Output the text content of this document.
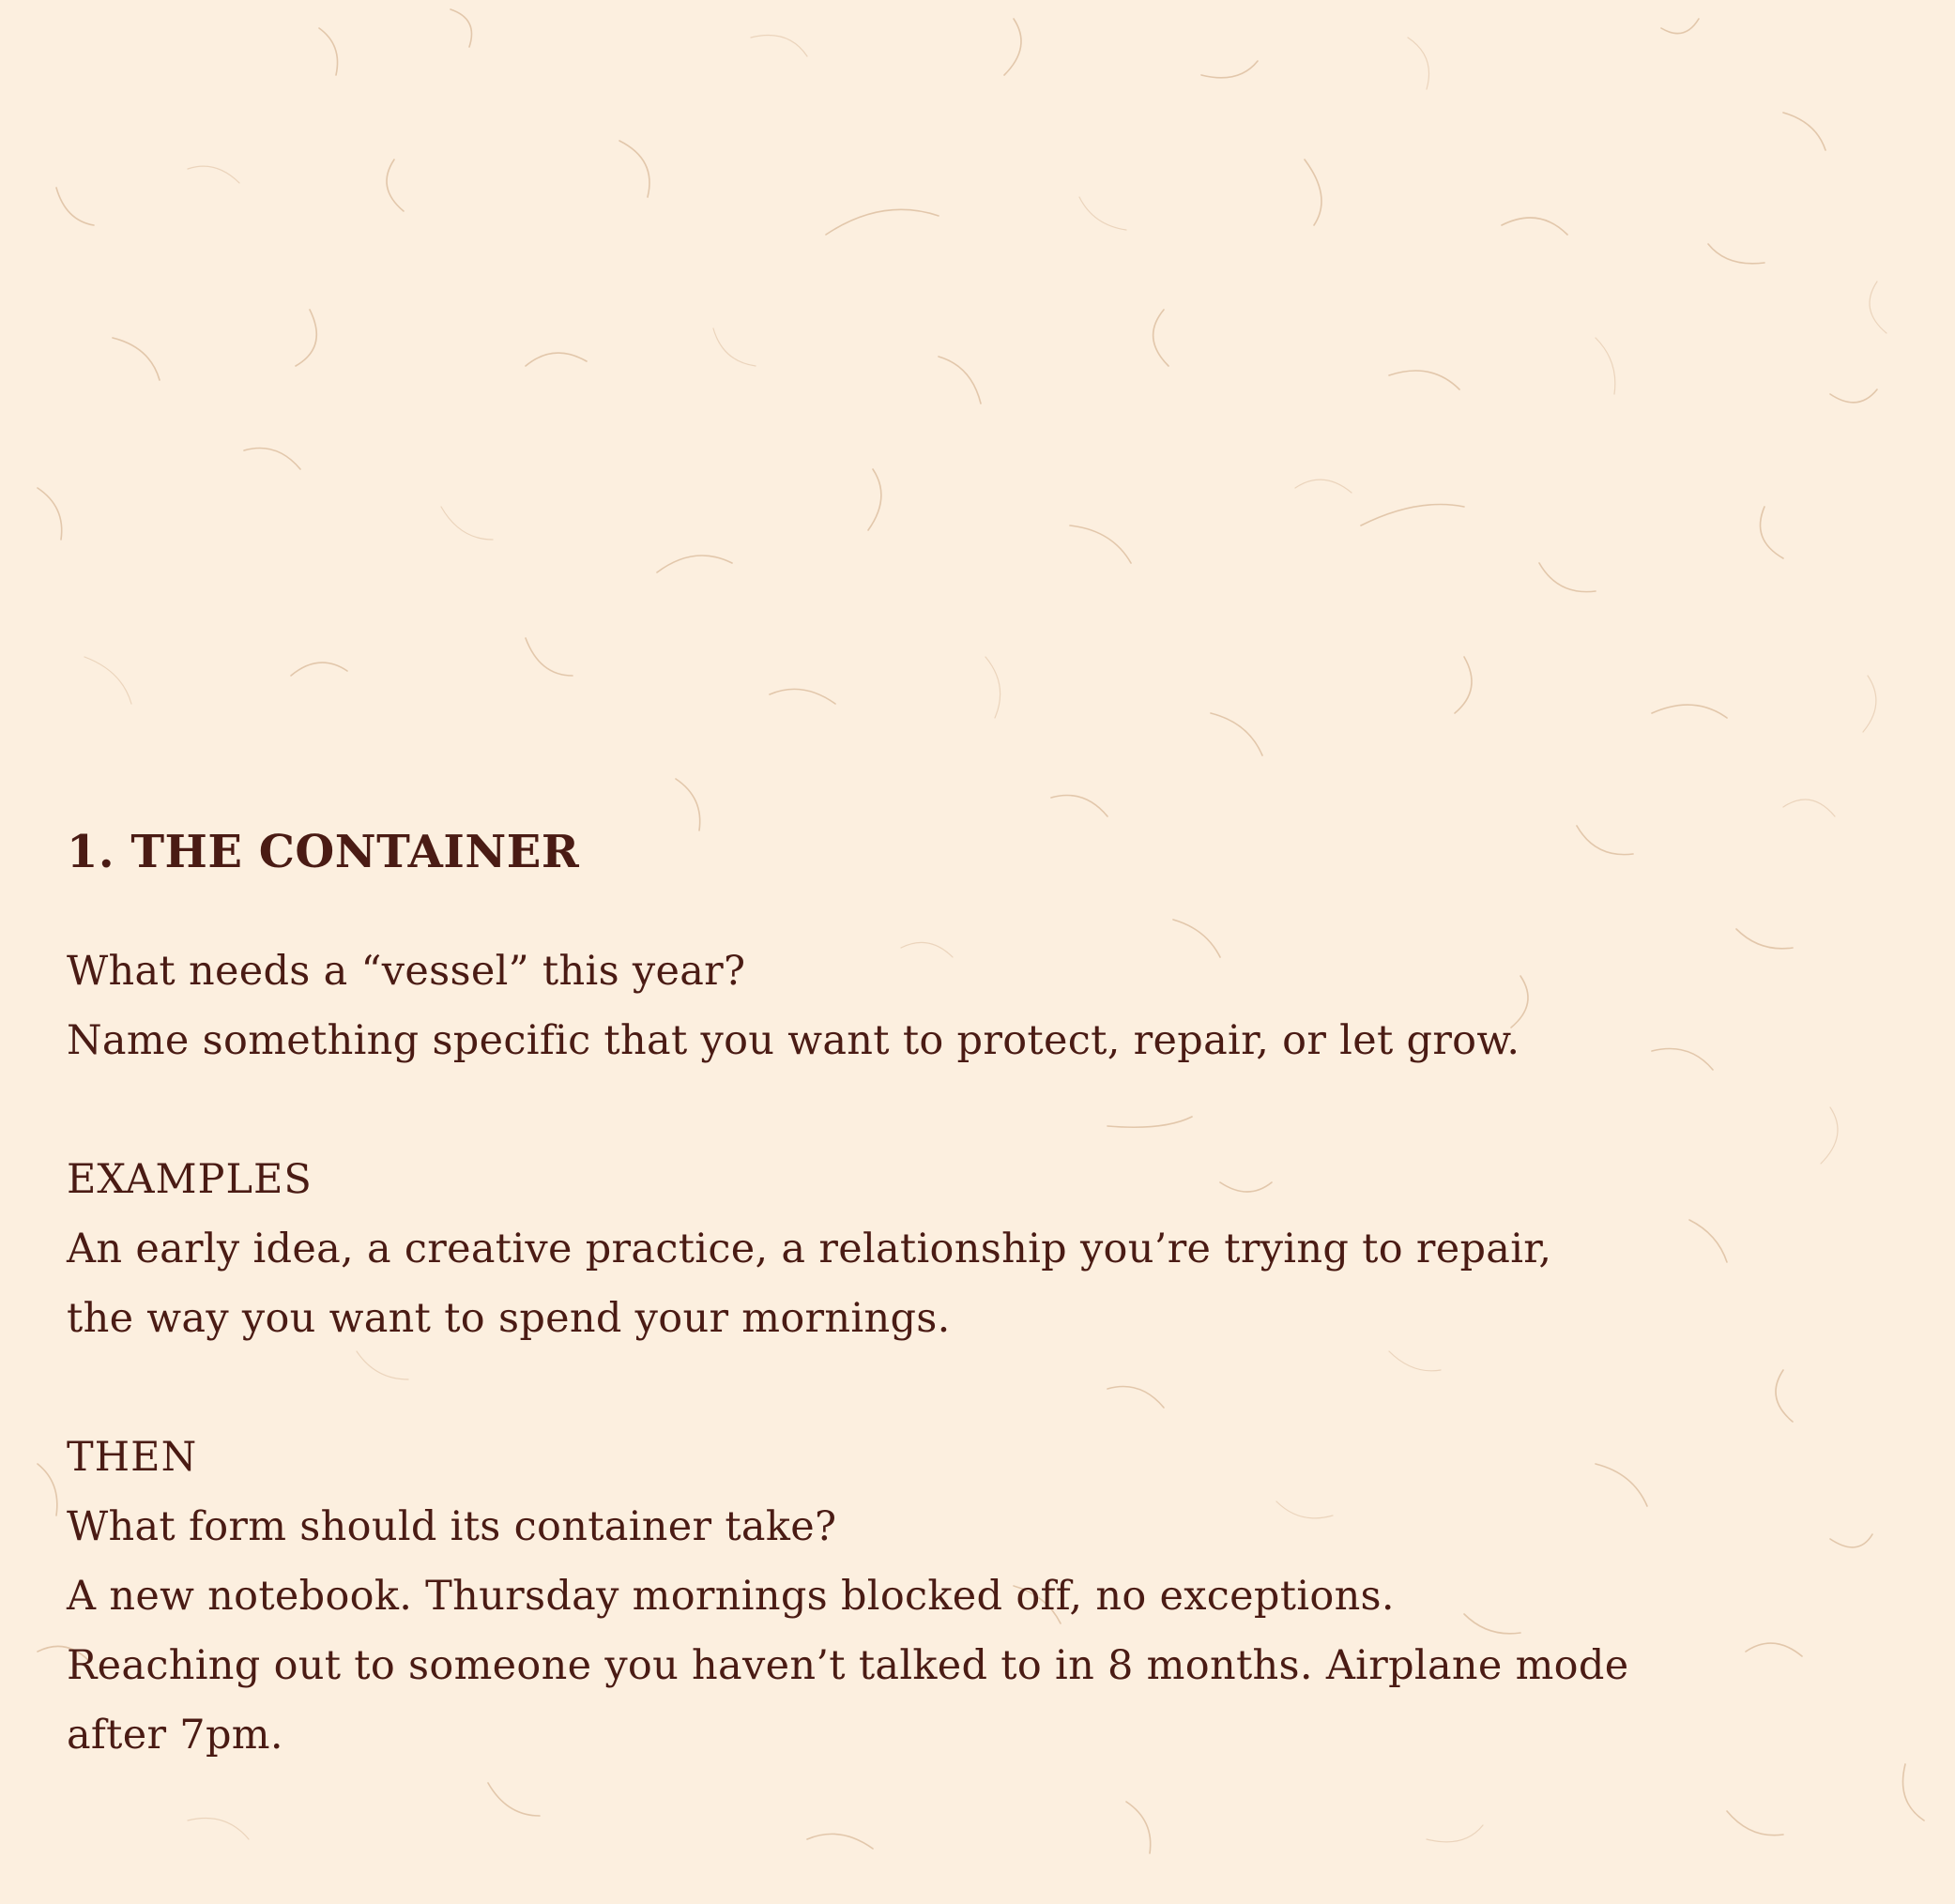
1. THE CONTAINER
What needs a “vessel” this year?
Name something specific that you want to protect, repair, or let grow.
EXAMPLES
An early idea, a creative practice, a relationship you’re trying to repair,
the way you want to spend your mornings.
THEN
What form should its container take?
A new notebook. Thursday mornings blocked off, no exceptions.
Reaching out to someone you haven’t talked to in 8 months. Airplane mode
after 7pm.
